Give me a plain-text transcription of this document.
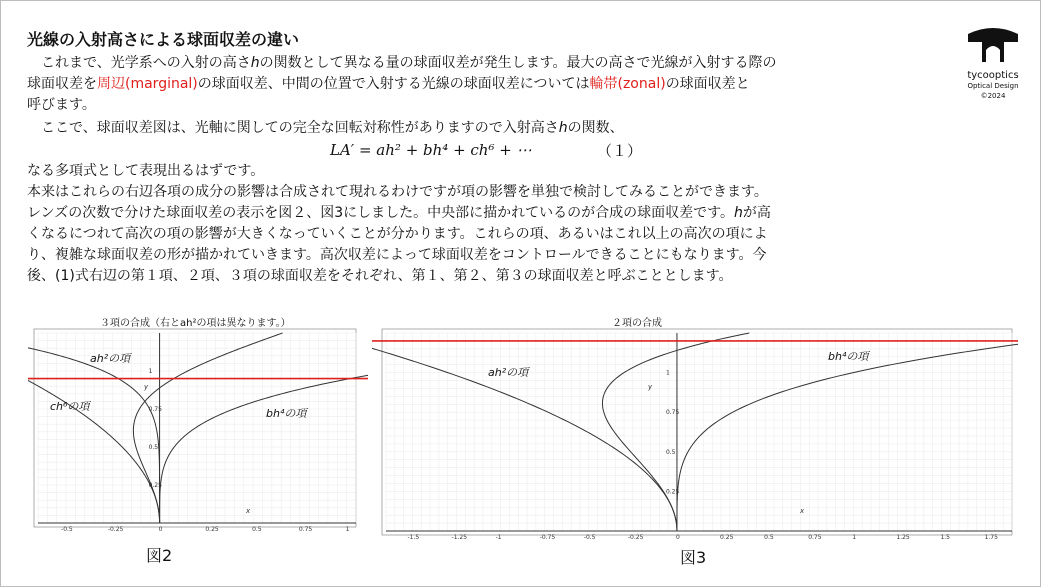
光線の入射高さによる球面収差の違い
tycooptics
Optical Design
©2024
　これまで、光学系への入射の高さhの関数として異なる量の球面収差が発生します。最大の高さで光線が入射する際の
球面収差を周辺(marginal)の球面収差、中間の位置で入射する光線の球面収差については輪帯(zonal)の球面収差と
呼びます。
　ここで、球面収差図は、光軸に関しての完全な回転対称性がありますので入射高さhの関数、
LA′ = ah² + bh⁴ + ch⁶ + ⋯	（１）
なる多項式として表現出るはずです。
本来はこれらの右辺各項の成分の影響は合成されて現れるわけですが項の影響を単独で検討してみることができます。
レンズの次数で分けた球面収差の表示を図２、図3にしました。中央部に描かれているのが合成の球面収差です。hが高
くなるにつれて高次の項の影響が大きくなっていくことが分かります。これらの項、あるいはこれ以上の高次の項によ
り、複雑な球面収差の形が描かれていきます。高次収差によって球面収差をコントロールできることにもなります。今
後、(1)式右辺の第１項、２項、３項の球面収差をそれぞれ、第１、第２、第３の球面収差と呼ぶこととします。
-0.5	-0.25	0	0.25	0.5	0.75	1
0.25
0.5
0.75
1
３項の合成（右とah²の項は異なります。）
ah²の項
ch⁶の項
bh⁴の項
y
x
図2
-1.5	-1.25	-1	-0.75	-0.5	-0.25	0	0.25	0.5	0.75	1	1.25	1.5	1.75
0.25
0.5
0.75
1
２項の合成
ah²の項
bh⁴の項
y
x
図3
